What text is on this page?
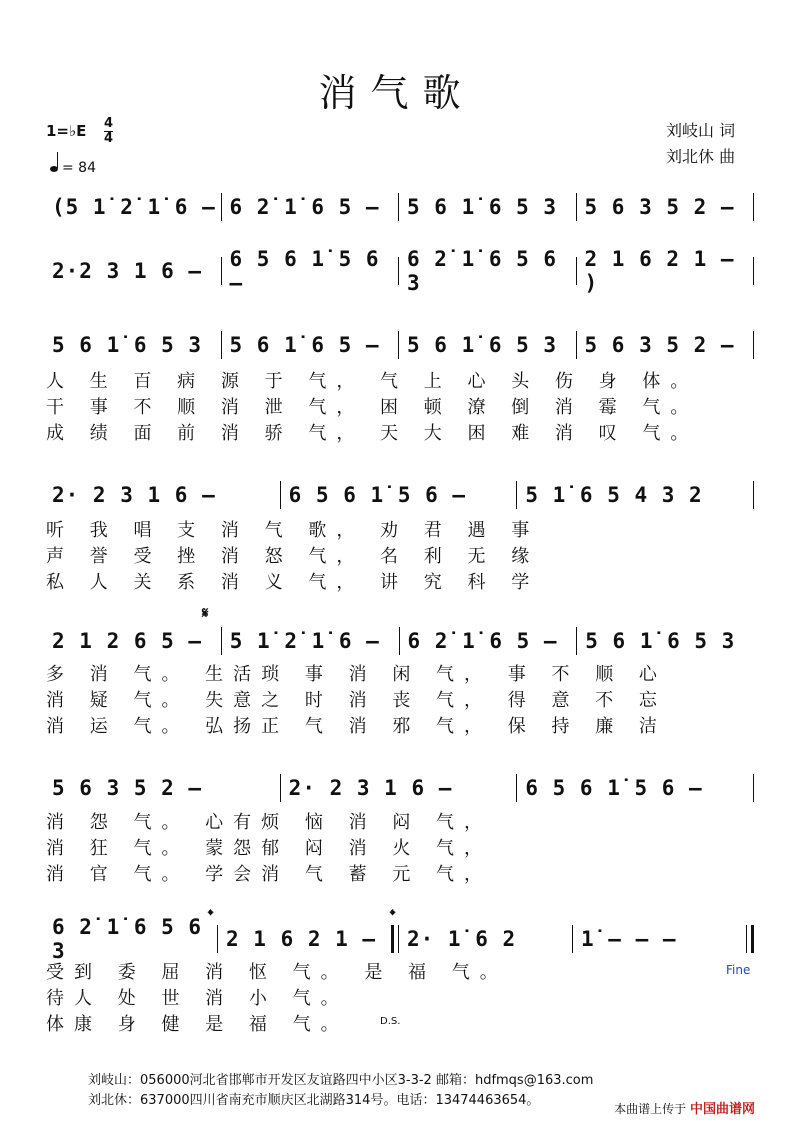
消气歌
刘岐山 词
刘北休 曲
1=♭E 4
4
= 84
(5 1̇ 2̇ 1̇ 6 – 6 2̇ 1̇ 6 5 –	5 6 1̇ 6 5 3	5 6 3 5 2 –
2·2 3 1 6 –	6 5 6 1̇ 5 6 –
6 2̇ 1̇ 6 5 6 3
2 1 6 2 1 – )
5 6 1̇ 6 5 3	5 6 1̇ 6 5 –	5 6 1̇ 6 5 3	5 6 3 5 2 –
人 生 百 病 源 于 气， 气 上 心 头 伤 身 体。
干 事 不 顺 消 泄 气， 困 顿 潦 倒 消 霉 气。
成 绩 面 前 消 骄 气， 天 大 困 难 消 叹 气。
2· 2 3 1 6 –	6 5 6 1̇ 5 6 –	5 1̇ 6 5 4 3 2
听 我 唱 支 消 气 歌， 劝 君 遇 事
声 誉 受 挫 消 怒 气， 名 利 无 缘
私 人 关 系 消 义 气， 讲 究 科 学
𝄋
2 1 2 6 5 –	5 1̇ 2̇ 1̇ 6 –	6 2̇ 1̇ 6 5 –	5 6 1̇ 6 5 3
多 消 气。 生活琐 事 消 闲 气， 事 不 顺 心
消 疑 气。 失意之 时 消 丧 气， 得 意 不 忘
消 运 气。 弘扬正 气 消 邪 气， 保 持 廉 洁
5 6 3 5 2 –	2· 2 3 1 6 –	6 5 6 1̇ 5 6 –
消 怨 气。 心有烦 恼 消 闷 气，
消 狂 气。 蒙怨郁 闷 消 火 气，
消 官 气。 学会消 气 蓄 元 气，
𝄌	𝄌
6 2̇ 1̇ 6 5 6 3	2 1 6 2 1 –	2· 1̇ 6 2	1̇ – – –
受到 委 屈 消 怄 气。 是 福 气。
待人 处 世 消 小 气。
体康 身 健 是 福 气。
Fine
D.S.
刘岐山：056000河北省邯郸市开发区友谊路四中小区3-3-2 邮箱：hdfmqs@163.com
刘北休：637000四川省南充市顺庆区北湖路314号。电话：13474463654。
本曲谱上传于 中国曲谱网
